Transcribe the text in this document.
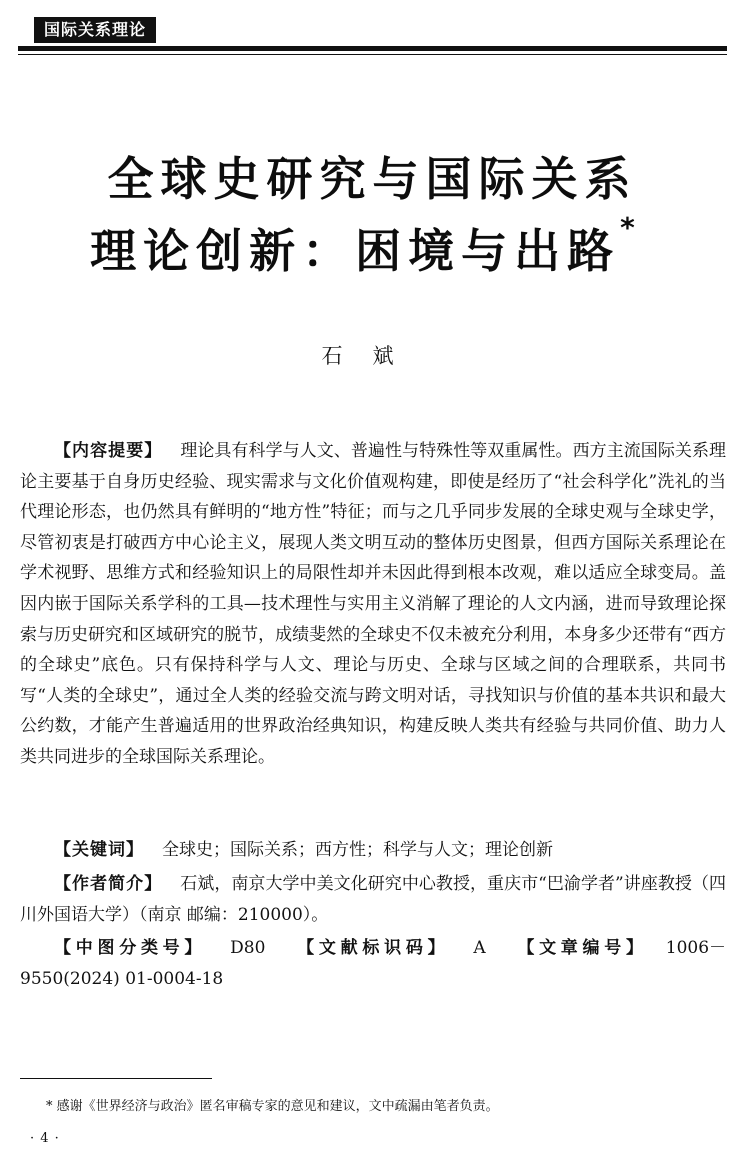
国际关系理论
全球史研究与国际关系
理论创新：困境与出路*
石斌
【内容提要】 理论具有科学与人文、普遍性与特殊性等双重属性。西方主流国际关系理论主要基于自身历史经验、现实需求与文化价值观构建，即使是经历了“社会科学化”洗礼的当代理论形态，也仍然具有鲜明的“地方性”特征；而与之几乎同步发展的全球史观与全球史学，尽管初衷是打破西方中心论主义，展现人类文明互动的整体历史图景，但西方国际关系理论在学术视野、思维方式和经验知识上的局限性却并未因此得到根本改观，难以适应全球变局。盖因内嵌于国际关系学科的工具—技术理性与实用主义消解了理论的人文内涵，进而导致理论探索与历史研究和区域研究的脱节，成绩斐然的全球史不仅未被充分利用，本身多少还带有“西方的全球史”底色。只有保持科学与人文、理论与历史、全球与区域之间的合理联系，共同书写“人类的全球史”，通过全人类的经验交流与跨文明对话，寻找知识与价值的基本共识和最大公约数，才能产生普遍适用的世界政治经典知识，构建反映人类共有经验与共同价值、助力人类共同进步的全球国际关系理论。
【关键词】 全球史；国际关系；西方性；科学与人文；理论创新
【作者简介】 石斌，南京大学中美文化研究中心教授，重庆市“巴渝学者”讲座教授（四川外国语大学）（南京 邮编：210000）。
【中图分类号】 D80 【文献标识码】 A 【文章编号】 1006－9550(2024) 01-0004-18
* 感谢《世界经济与政治》匿名审稿专家的意见和建议，文中疏漏由笔者负责。
· 4 ·
